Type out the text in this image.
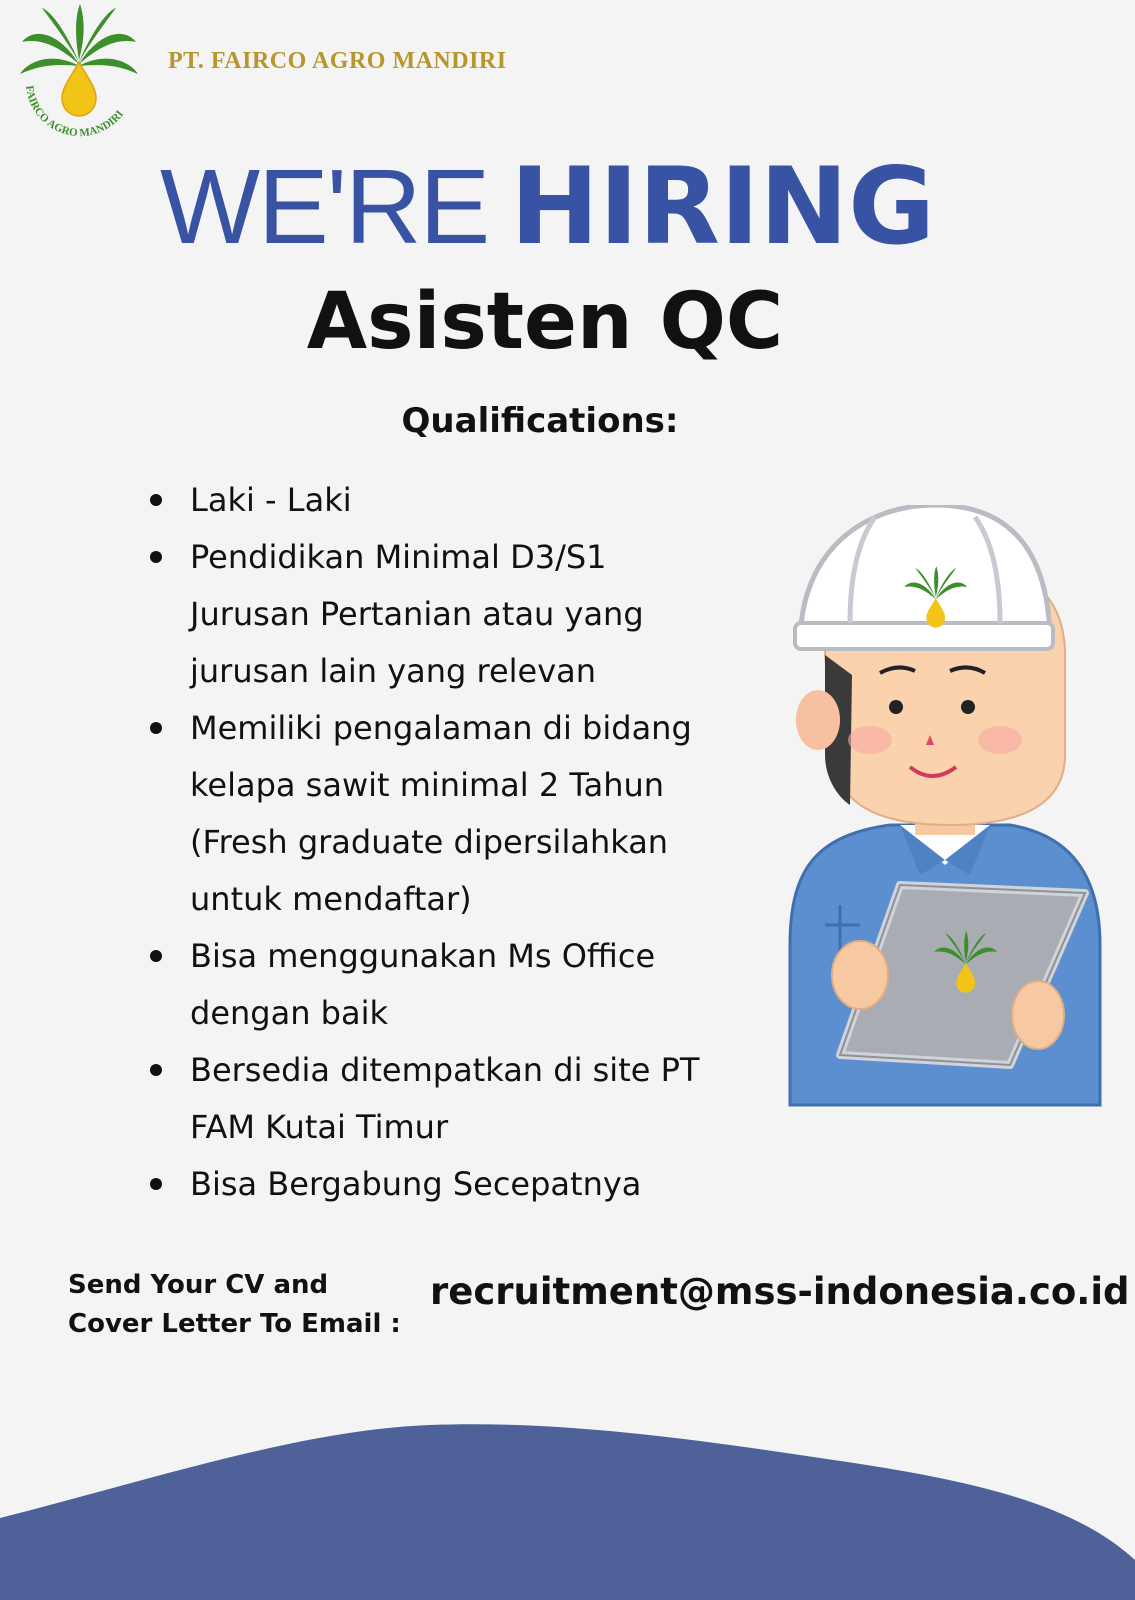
FAIRCO AGRO MANDIRI
PT. FAIRCO AGRO MANDIRI
WE'RE HIRING
Asisten QC
Qualifications:
Laki - Laki
Pendidikan Minimal D3/S1 Jurusan Pertanian atau yang jurusan lain yang relevan
Memiliki pengalaman di bidang kelapa sawit minimal 2 Tahun (Fresh graduate dipersilahkan untuk mendaftar)
Bisa menggunakan Ms Office dengan baik
Bersedia ditempatkan di site PT FAM Kutai Timur
Bisa Bergabung Secepatnya
Send Your CV and Cover Letter To Email :
recruitment@mss-indonesia.co.id
